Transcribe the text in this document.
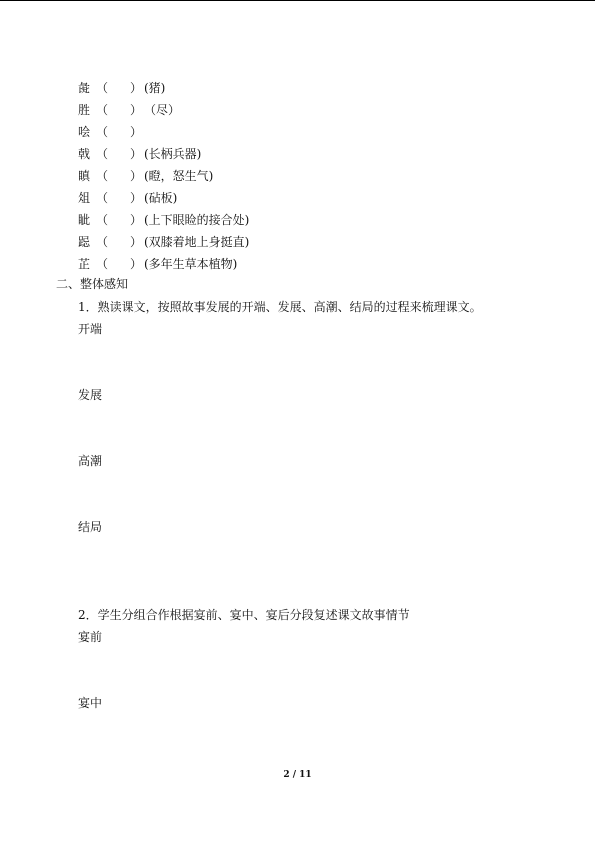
彘 （ ） (猪)
胜 （ ） （尽）
哙 （ ）
戟 （ ） (长柄兵器)
瞋 （ ） (瞪，怒生气)
俎 （ ） (砧板)
眦 （ ） (上下眼睑的接合处)
跽 （ ） (双膝着地上身挺直)
芷 （ ） (多年生草本植物)
二、整体感知
1．熟读课文，按照故事发展的开端、发展、高潮、结局的过程来梳理课文。
开端
发展
高潮
结局
2．学生分组合作根据宴前、宴中、宴后分段复述课文故事情节
宴前
宴中
2 / 11
